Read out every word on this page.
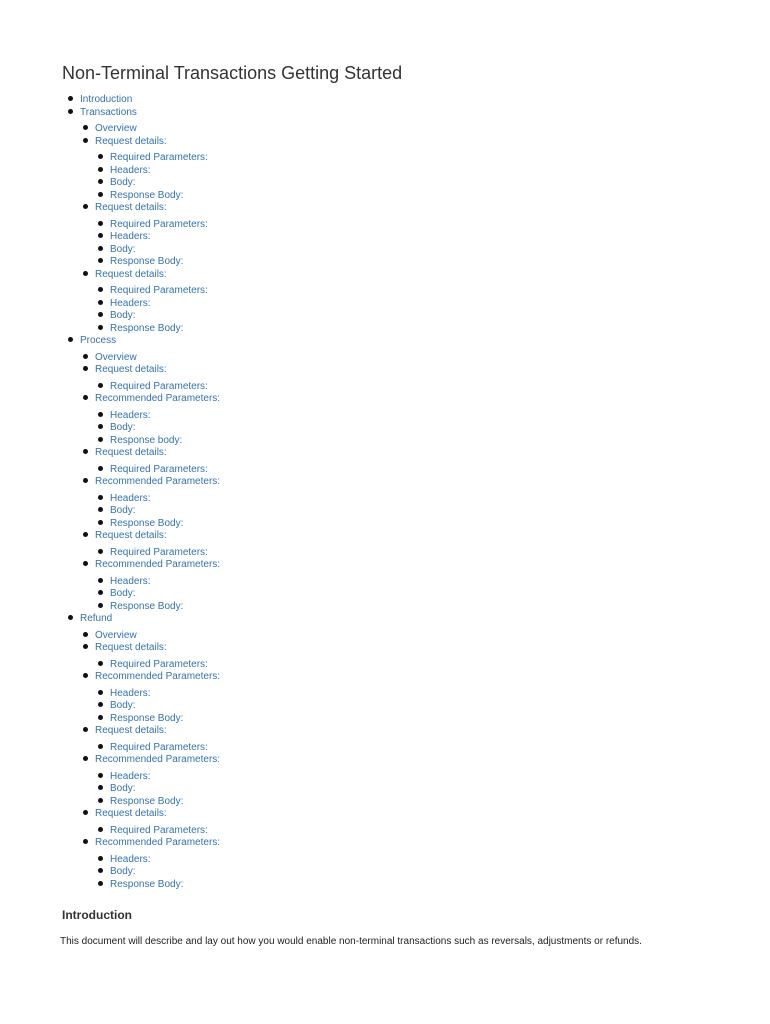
Non-Terminal Transactions Getting Started
Introduction
Transactions
Overview
Request details:
Required Parameters:
Headers:
Body:
Response Body:
Request details:
Required Parameters:
Headers:
Body:
Response Body:
Request details:
Required Parameters:
Headers:
Body:
Response Body:
Process
Overview
Request details:
Required Parameters:
Recommended Parameters:
Headers:
Body:
Response body:
Request details:
Required Parameters:
Recommended Parameters:
Headers:
Body:
Response Body:
Request details:
Required Parameters:
Recommended Parameters:
Headers:
Body:
Response Body:
Refund
Overview
Request details:
Required Parameters:
Recommended Parameters:
Headers:
Body:
Response Body:
Request details:
Required Parameters:
Recommended Parameters:
Headers:
Body:
Response Body:
Request details:
Required Parameters:
Recommended Parameters:
Headers:
Body:
Response Body:
Introduction

This document will describe and lay out how you would enable non-terminal transactions such as reversals, adjustments or refunds.
